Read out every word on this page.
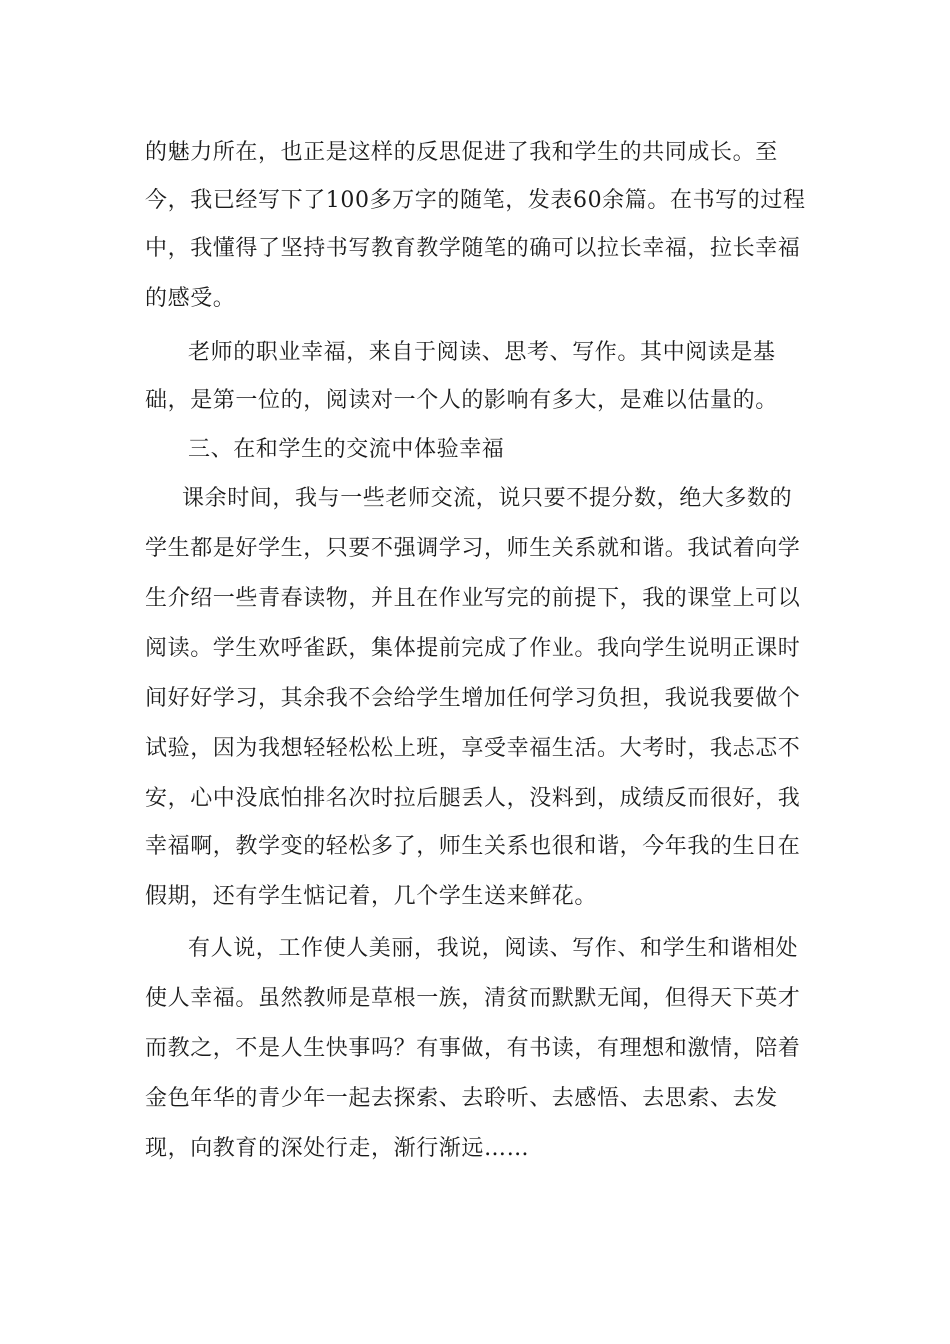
的魅力所在，也正是这样的反思促进了我和学生的共同成长。至

今，我已经写下了100多万字的随笔，发表60余篇。在书写的过程

中，我懂得了坚持书写教育教学随笔的确可以拉长幸福，拉长幸福

的感受。

老师的职业幸福，来自于阅读、思考、写作。其中阅读是基

础，是第一位的，阅读对一个人的影响有多大，是难以估量的。

三、在和学生的交流中体验幸福

课余时间，我与一些老师交流，说只要不提分数，绝大多数的

学生都是好学生，只要不强调学习，师生关系就和谐。我试着向学

生介绍一些青春读物，并且在作业写完的前提下，我的课堂上可以

阅读。学生欢呼雀跃，集体提前完成了作业。我向学生说明正课时

间好好学习，其余我不会给学生增加任何学习负担，我说我要做个

试验，因为我想轻轻松松上班，享受幸福生活。大考时，我忐忑不

安，心中没底怕排名次时拉后腿丢人，没料到，成绩反而很好，我

幸福啊，教学变的轻松多了，师生关系也很和谐，今年我的生日在

假期，还有学生惦记着，几个学生送来鲜花。

有人说，工作使人美丽，我说，阅读、写作、和学生和谐相处

使人幸福。虽然教师是草根一族，清贫而默默无闻，但得天下英才

而教之，不是人生快事吗？有事做，有书读，有理想和激情，陪着

金色年华的青少年一起去探索、去聆听、去感悟、去思索、去发

现，向教育的深处行走，渐行渐远……
